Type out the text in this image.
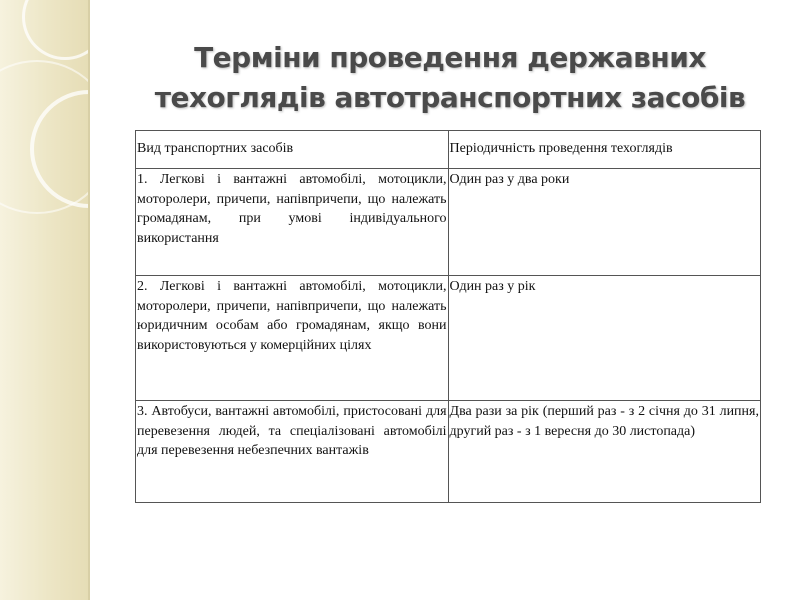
Терміни проведення державних
техоглядів автотранспортних засобів
Вид транспортних засобів	Періодичність проведення техоглядів
1. Легкові і вантажні автомобілі, мотоцикли, моторолери, причепи, напівпричепи, що належать громадянам, при умові індивідуального використання	Один раз у два роки
2. Легкові і вантажні автомобілі, мотоцикли, моторолери, причепи, напівпричепи, що належать юридичним особам або громадянам, якщо вони використовуються у комерційних цілях	Один раз у рік
3. Автобуси, вантажні автомобілі, пристосовані для перевезення людей, та спеціалізовані автомобілі для перевезення небезпечних вантажів	Два рази за рік (перший раз - з 2 січня до 31 липня, другий раз - з 1 вересня до 30 листопада)
